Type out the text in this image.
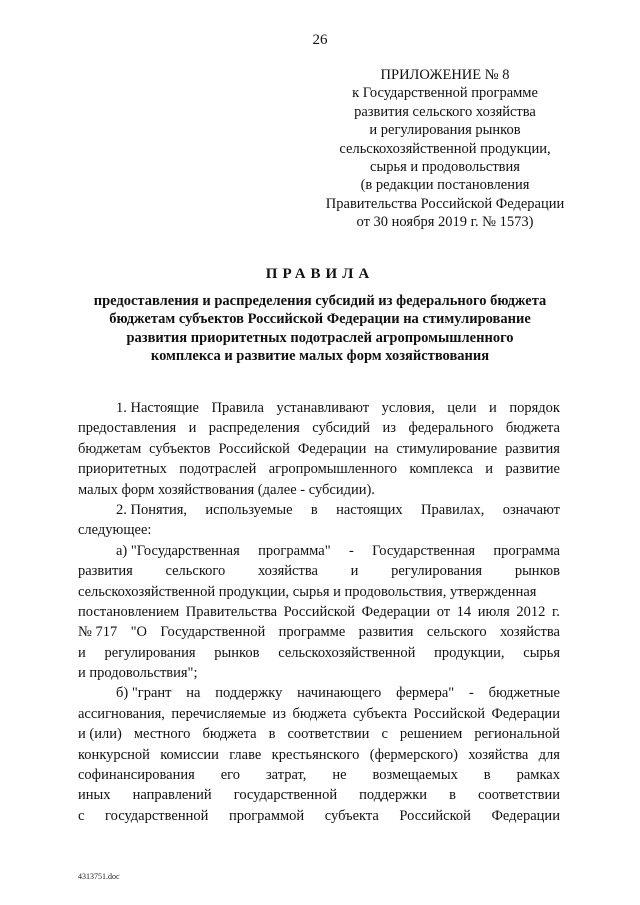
26
ПРИЛОЖЕНИЕ № 8
к Государственной программе
развития сельского хозяйства
и регулирования рынков
сельскохозяйственной продукции,
сырья и продовольствия
(в редакции постановления
Правительства Российской Федерации
от 30 ноября 2019 г. № 1573)
ПРАВИЛА
предоставления и распределения субсидий из федерального бюджета
бюджетам субъектов Российской Федерации на стимулирование
развития приоритетных подотраслей агропромышленного
комплекса и развитие малых форм хозяйствования
1. Настоящие Правила устанавливают условия, цели и порядок
предоставления и распределения субсидий из федерального бюджета
бюджетам субъектов Российской Федерации на стимулирование развития
приоритетных подотраслей агропромышленного комплекса и развитие
малых форм хозяйствования (далее - субсидии).
2. Понятия, используемые в настоящих Правилах, означают
следующее:
а) "Государственная программа" - Государственная программа
развития сельского хозяйства и регулирования рынков
сельскохозяйственной продукции, сырья и продовольствия, утвержденная
постановлением Правительства Российской Федерации от 14 июля 2012 г.
№ 717 "О Государственной программе развития сельского хозяйства
и регулирования рынков сельскохозяйственной продукции, сырья
и продовольствия";
б) "грант на поддержку начинающего фермера" - бюджетные
ассигнования, перечисляемые из бюджета субъекта Российской Федерации
и (или) местного бюджета в соответствии с решением региональной
конкурсной комиссии главе крестьянского (фермерского) хозяйства для
софинансирования его затрат, не возмещаемых в рамках
иных направлений государственной поддержки в соответствии
с государственной программой субъекта Российской Федерации
4313751.doc
